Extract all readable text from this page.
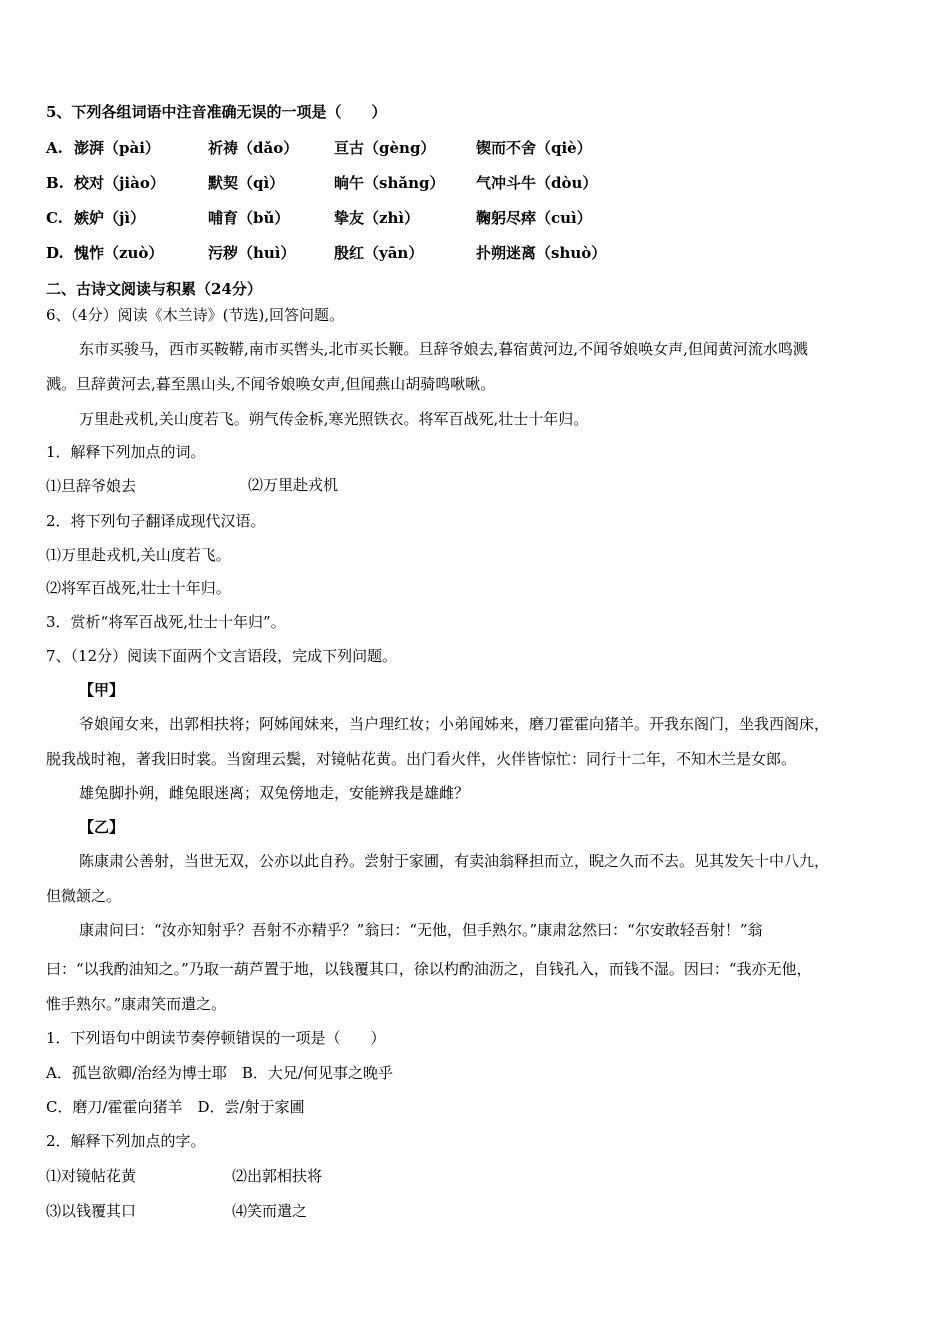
5、下列各组词语中注音准确无误的一项是（　　）
A. 澎湃（pài）	祈祷（dǎo） 亘古（gèng）	锲而不舍（qiè）
B. 校对（jiào）	默契（qì）	晌午（shǎng） 气冲斗牛（dòu）
C. 嫉妒（jì）	哺育（bǔ）	挚友（zhì）	鞠躬尽瘁（cuì）
D. 愧怍（zuò）	污秽（huì）	殷红（yān）	扑朔迷离（shuò）
二、古诗文阅读与积累（24分）
6、（4分）阅读《木兰诗》(节选),回答问题。
东市买骏马，西市买鞍鞯,南市买辔头,北市买长鞭。旦辞爷娘去,暮宿黄河边,不闻爷娘唤女声,但闻黄河流水鸣溅
溅。旦辞黄河去,暮至黑山头,不闻爷娘唤女声,但闻燕山胡骑鸣啾啾。
万里赴戎机,关山度若飞。朔气传金柝,寒光照铁衣。将军百战死,壮士十年归。
1．解释下列加点的词。
⑴旦辞爷娘去	⑵万里赴戎机
2．将下列句子翻译成现代汉语。
⑴万里赴戎机,关山度若飞。
⑵将军百战死,壮士十年归。
3．赏析“将军百战死,壮士十年归”。
7、（12分）阅读下面两个文言语段，完成下列问题。
【甲】
爷娘闻女来，出郭相扶将；阿姊闻妹来，当户理红妆；小弟闻姊来，磨刀霍霍向猪羊。开我东阁门，坐我西阁床，
脱我战时袍，著我旧时裳。当窗理云鬓，对镜帖花黄。出门看火伴，火伴皆惊忙：同行十二年，不知木兰是女郎。
雄兔脚扑朔，雌兔眼迷离；双兔傍地走，安能辨我是雄雌？
【乙】
陈康肃公善射，当世无双，公亦以此自矜。尝射于家圃，有卖油翁释担而立，睨之久而不去。见其发矢十中八九，
但微颔之。
康肃问曰：“汝亦知射乎？吾射不亦精乎？”翁曰：“无他，但手熟尔。”康肃忿然曰：“尔安敢轻吾射！”翁
曰：“以我酌油知之。”乃取一葫芦置于地，以钱覆其口，徐以杓酌油沥之，自钱孔入，而钱不湿。因曰：“我亦无他，
惟手熟尔。”康肃笑而遣之。
1．下列语句中朗读节奏停顿错误的一项是（　　）
A．孤岂欲卿/治经为博士耶　B．大兄/何见事之晚乎
C．磨刀/霍霍向猪羊　D．尝/射于家圃
2．解释下列加点的字。
⑴对镜帖花黄	⑵出郭相扶将
⑶以钱覆其口	⑷笑而遣之
